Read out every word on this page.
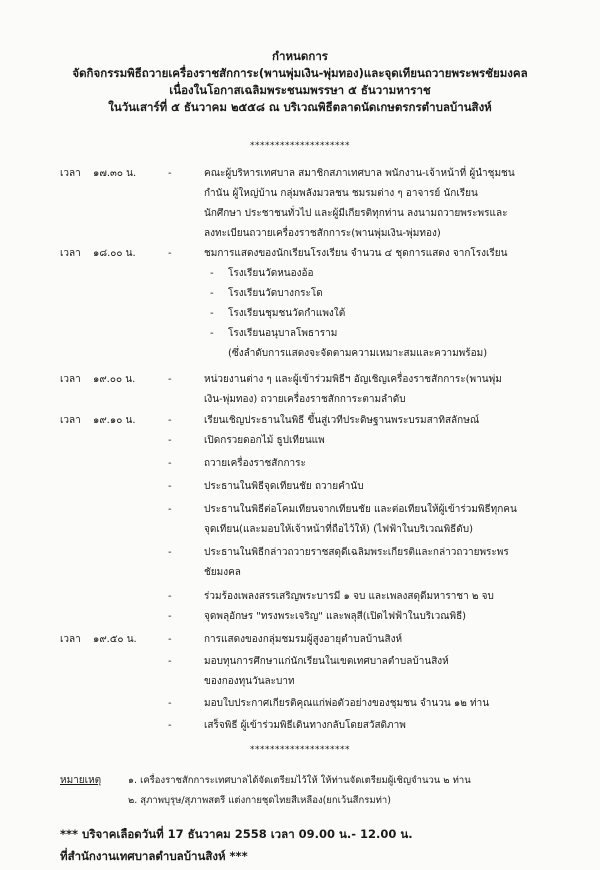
กำหนดการ
จัดกิจกรรมพิธีถวายเครื่องราชสักการะ(พานพุ่มเงิน-พุ่มทอง)และจุดเทียนถวายพระพรชัยมงคล
เนื่องในโอกาสเฉลิมพระชนมพรรษา ๕ ธันวามหาราช
ในวันเสาร์ที่ ๕ ธันวาคม ๒๕๕๘ ณ บริเวณพิธีตลาดนัดเกษตรกรตำบลบ้านสิงห์
********************
เวลา ๑๗.๓๐ น.	-	คณะผู้บริหารเทศบาล สมาชิกสภาเทศบาล พนักงาน-เจ้าหน้าที่ ผู้นำชุมชน
กำนัน ผู้ใหญ่บ้าน กลุ่มพลังมวลชน ชมรมต่าง ๆ อาจารย์ นักเรียน
นักศึกษา ประชาชนทั่วไป และผู้มีเกียรติทุกท่าน ลงนามถวายพระพรและ
ลงทะเบียนถวายเครื่องราชสักการะ(พานพุ่มเงิน-พุ่มทอง)
เวลา ๑๘.๐๐ น.	-	ชมการแสดงของนักเรียนโรงเรียน จำนวน ๔ ชุดการแสดง จากโรงเรียน
- โรงเรียนวัดหนองอ้อ
- โรงเรียนวัดบางกระโด
- โรงเรียนชุมชนวัดกำแพงใต้
- โรงเรียนอนุบาลโพธาราม
(ซึ่งลำดับการแสดงจะจัดตามความเหมาะสมและความพร้อม)
เวลา ๑๙.๐๐ น.	-	หน่วยงานต่าง ๆ และผู้เข้าร่วมพิธีฯ อัญเชิญเครื่องราชสักการะ(พานพุ่ม
เงิน-พุ่มทอง) ถวายเครื่องราชสักการะตามลำดับ
เวลา ๑๙.๑๐ น.	-	เรียนเชิญประธานในพิธี ขึ้นสู่เวทีประดิษฐานพระบรมสาทิสลักษณ์
-	เปิดกรวยดอกไม้ ธูปเทียนแพ
-	ถวายเครื่องราชสักการะ
-	ประธานในพิธีจุดเทียนชัย ถวายคำนับ
-	ประธานในพิธีต่อโคมเทียนจากเทียนชัย และต่อเทียนให้ผู้เข้าร่วมพิธีทุกคน
จุดเทียน(และมอบให้เจ้าหน้าที่ถือไว้ให้) (ไฟฟ้าในบริเวณพิธีดับ)
-	ประธานในพิธีกล่าวถวายราชสดุดีเฉลิมพระเกียรติและกล่าวถวายพระพร
ชัยมงคล
-	ร่วมร้องเพลงสรรเสริญพระบารมี ๑ จบ และเพลงสดุดีมหาราชา ๒ จบ
-	จุดพลุอักษร "ทรงพระเจริญ" และพลุสี(เปิดไฟฟ้าในบริเวณพิธี)
เวลา ๑๙.๕๐ น.	-	การแสดงของกลุ่มชมรมผู้สูงอายุตำบลบ้านสิงห์
-	มอบทุนการศึกษาแก่นักเรียนในเขตเทศบาลตำบลบ้านสิงห์
ของกองทุนวันละบาท
-	มอบใบประกาศเกียรติคุณแก่พ่อตัวอย่างของชุมชน จำนวน ๑๒ ท่าน
-	เสร็จพิธี ผู้เข้าร่วมพิธีเดินทางกลับโดยสวัสดิภาพ
********************
หมายเหตุ	๑. เครื่องราชสักการะเทศบาลได้จัดเตรียมไว้ให้ ให้ท่านจัดเตรียมผู้เชิญจำนวน ๒ ท่าน
๒. สุภาพบุรุษ/สุภาพสตรี แต่งกายชุดไทยสีเหลือง(ยกเว้นสีกรมท่า)
*** บริจาคเลือดวันที่ 17 ธันวาคม 2558 เวลา 09.00 น.- 12.00 น.
ที่สำนักงานเทศบาลตำบลบ้านสิงห์ ***
